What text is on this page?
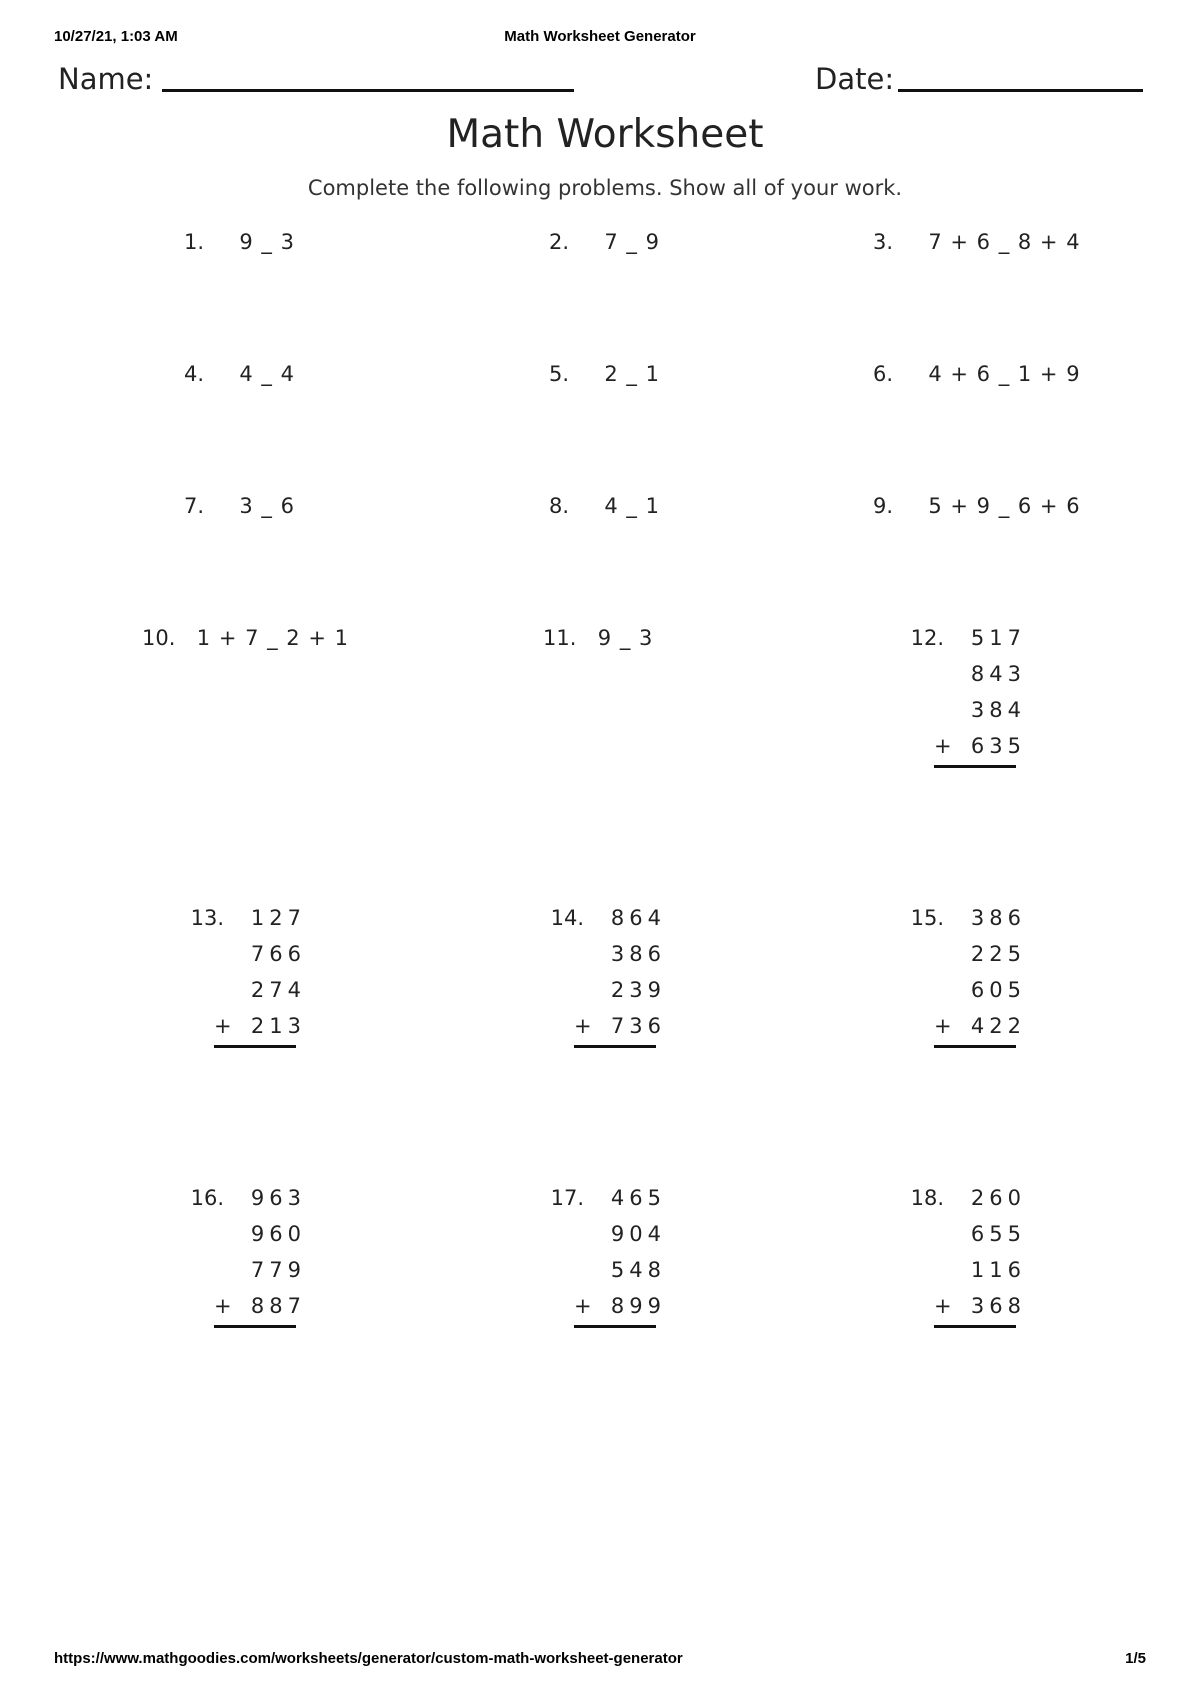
10/27/21, 1:03 AM	Math Worksheet Generator
Name:	Date:
Math Worksheet
Complete the following problems. Show all of your work.
1. 9 _ 3	2. 7 _ 9	3. 7 + 6 _ 8 + 4
4. 4 _ 4	5. 2 _ 1	6. 4 + 6 _ 1 + 9
7. 3 _ 6	8. 4 _ 1	9. 5 + 9 _ 6 + 6
10. 1 + 7 _ 2 + 1	11. 9 _ 3	12.	517
843
384
+ 635
13.	127
766
274
+ 213
14.	864
386
239
+ 736
15.	386
225
605
+ 422
16.	963
960
779
+ 887
17.	465
904
548
+ 899
18.	260
655
116
+ 368
https://www.mathgoodies.com/worksheets/generator/custom-math-worksheet-generator	1/5
